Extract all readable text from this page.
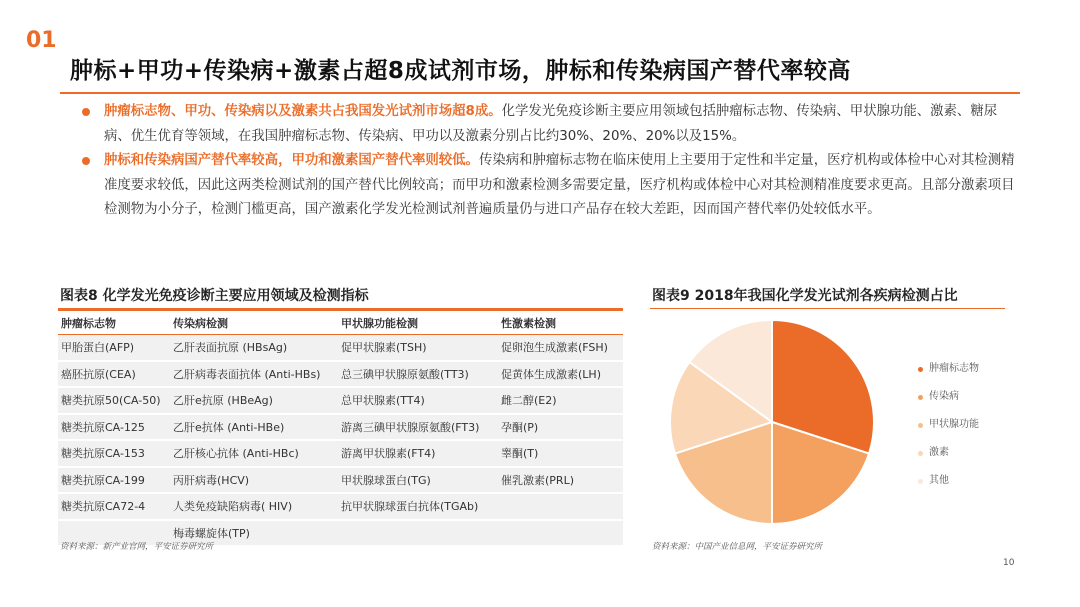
01
肿标+甲功+传染病+激素占超8成试剂市场，肿标和传染病国产替代率较高
肿瘤标志物、甲功、传染病以及激素共占我国发光试剂市场超8成。化学发光免疫诊断主要应用领域包括肿瘤标志物、传染病、甲状腺功能、激素、糖尿病、优生优育等领域，在我国肿瘤标志物、传染病、甲功以及激素分别占比约30%、20%、20%以及15%。
肿标和传染病国产替代率较高，甲功和激素国产替代率则较低。传染病和肿瘤标志物在临床使用上主要用于定性和半定量，医疗机构或体检中心对其检测精准度要求较低，因此这两类检测试剂的国产替代比例较高；而甲功和激素检测多需要定量，医疗机构或体检中心对其检测精准度要求更高。且部分激素项目检测物为小分子，检测门槛更高，国产激素化学发光检测试剂普遍质量仍与进口产品存在较大差距，因而国产替代率仍处较低水平。
图表8 化学发光免疫诊断主要应用领域及检测指标
肿瘤标志物	传染病检测	甲状腺功能检测	性激素检测
甲胎蛋白(AFP)	乙肝表面抗原 (HBsAg)	促甲状腺素(TSH)	促卵泡生成激素(FSH)
癌胚抗原(CEA)	乙肝病毒表面抗体 (Anti-HBs)	总三碘甲状腺原氨酸(TT3)	促黄体生成激素(LH)
糖类抗原50(CA-50)	乙肝e抗原 (HBeAg)	总甲状腺素(TT4)	雌二醇(E2)
糖类抗原CA-125	乙肝e抗体 (Anti-HBe)	游离三碘甲状腺原氨酸(FT3)	孕酮(P)
糖类抗原CA-153	乙肝核心抗体 (Anti-HBc)	游离甲状腺素(FT4)	睾酮(T)
糖类抗原CA-199	丙肝病毒(HCV)	甲状腺球蛋白(TG)	催乳激素(PRL)
糖类抗原CA72-4	人类免疫缺陷病毒( HIV)	抗甲状腺球蛋白抗体(TGAb)	
	梅毒螺旋体(TP)		
资料来源：新产业官网，平安证券研究所
图表9 2018年我国化学发光试剂各疾病检测占比
肿瘤标志物
传染病
甲状腺功能
激素
其他
资料来源：中国产业信息网，平安证券研究所
10
